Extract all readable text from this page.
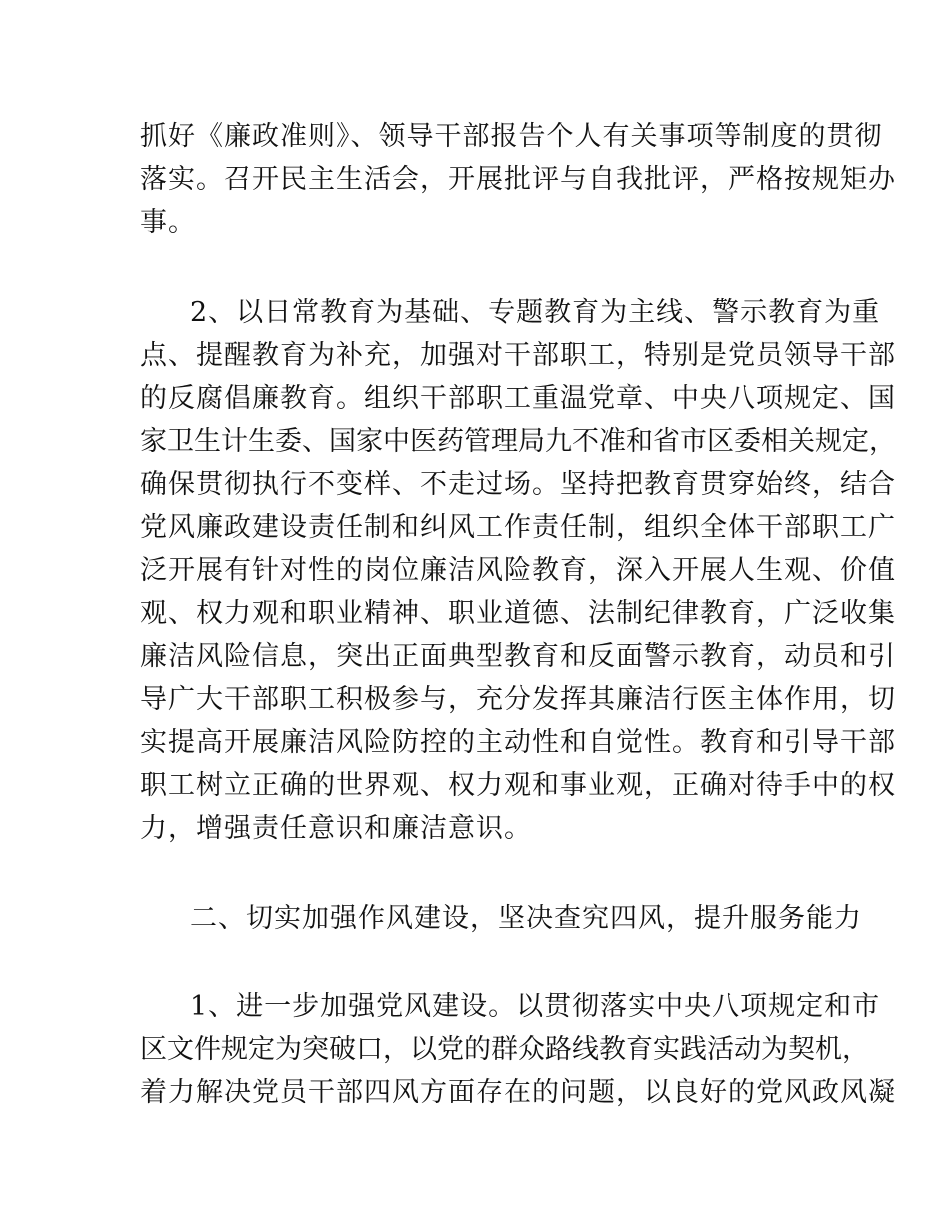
抓好《廉政准则》、领导干部报告个人有关事项等制度的贯彻
落实。召开民主生活会，开展批评与自我批评，严格按规矩办
事。
2、以日常教育为基础、专题教育为主线、警示教育为重
点、提醒教育为补充，加强对干部职工，特别是党员领导干部
的反腐倡廉教育。组织干部职工重温党章、中央八项规定、国
家卫生计生委、国家中医药管理局九不准和省市区委相关规定，
确保贯彻执行不变样、不走过场。坚持把教育贯穿始终，结合
党风廉政建设责任制和纠风工作责任制，组织全体干部职工广
泛开展有针对性的岗位廉洁风险教育，深入开展人生观、价值
观、权力观和职业精神、职业道德、法制纪律教育，广泛收集
廉洁风险信息，突出正面典型教育和反面警示教育，动员和引
导广大干部职工积极参与，充分发挥其廉洁行医主体作用，切
实提高开展廉洁风险防控的主动性和自觉性。教育和引导干部
职工树立正确的世界观、权力观和事业观，正确对待手中的权
力，增强责任意识和廉洁意识。
二、切实加强作风建设，坚决查究四风，提升服务能力
1、进一步加强党风建设。以贯彻落实中央八项规定和市
区文件规定为突破口，以党的群众路线教育实践活动为契机，
着力解决党员干部四风方面存在的问题，以良好的党风政风凝
